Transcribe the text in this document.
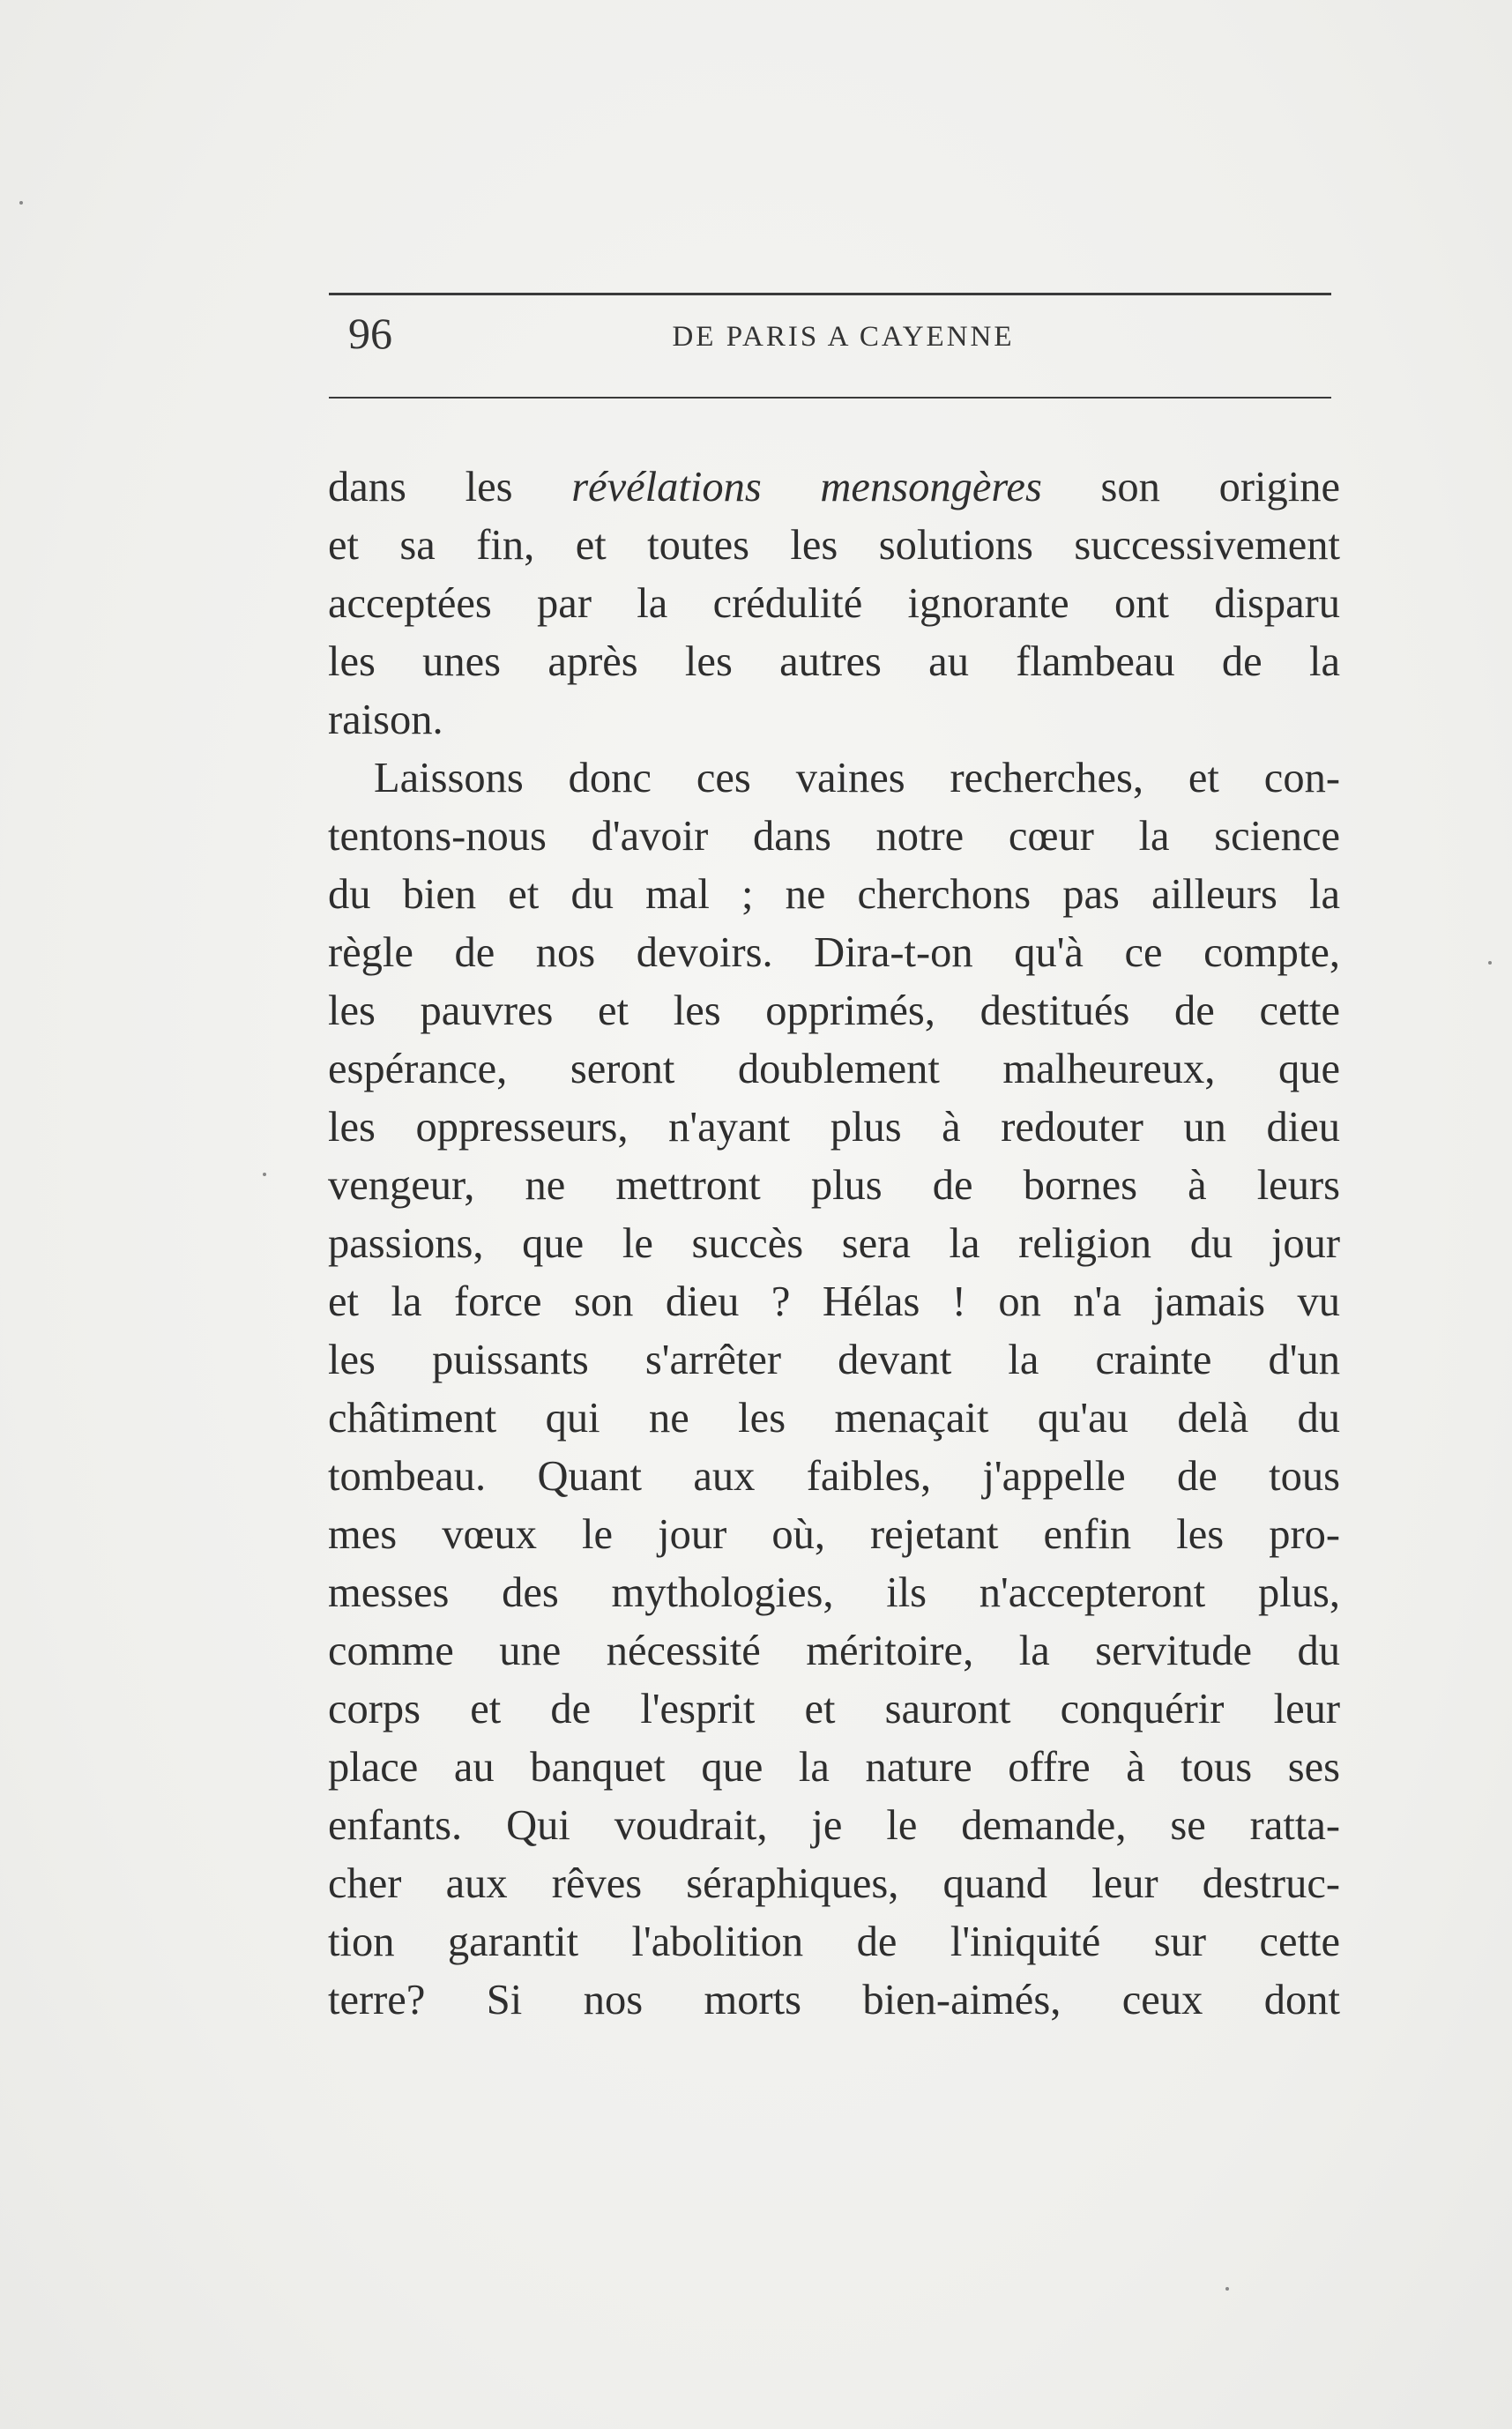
96	DE PARIS A CAYENNE

dans les révélations mensongères son origine
et sa fin, et toutes les solutions successivement
acceptées par la crédulité ignorante ont disparu
les unes après les autres au flambeau de la
raison.

Laissons donc ces vaines recherches, et con-
tentons-nous d'avoir dans notre cœur la science
du bien et du mal ; ne cherchons pas ailleurs la
règle de nos devoirs. Dira-t-on qu'à ce compte,
les pauvres et les opprimés, destitués de cette
espérance, seront doublement malheureux, que
les oppresseurs, n'ayant plus à redouter un dieu
vengeur, ne mettront plus de bornes à leurs
passions, que le succès sera la religion du jour
et la force son dieu ? Hélas ! on n'a jamais vu
les puissants s'arrêter devant la crainte d'un
châtiment qui ne les menaçait qu'au delà du
tombeau. Quant aux faibles, j'appelle de tous
mes vœux le jour où, rejetant enfin les pro-
messes des mythologies, ils n'accepteront plus,
comme une nécessité méritoire, la servitude du
corps et de l'esprit et sauront conquérir leur
place au banquet que la nature offre à tous ses
enfants. Qui voudrait, je le demande, se ratta-
cher aux rêves séraphiques, quand leur destruc-
tion garantit l'abolition de l'iniquité sur cette
terre? Si nos morts bien-aimés, ceux dont
